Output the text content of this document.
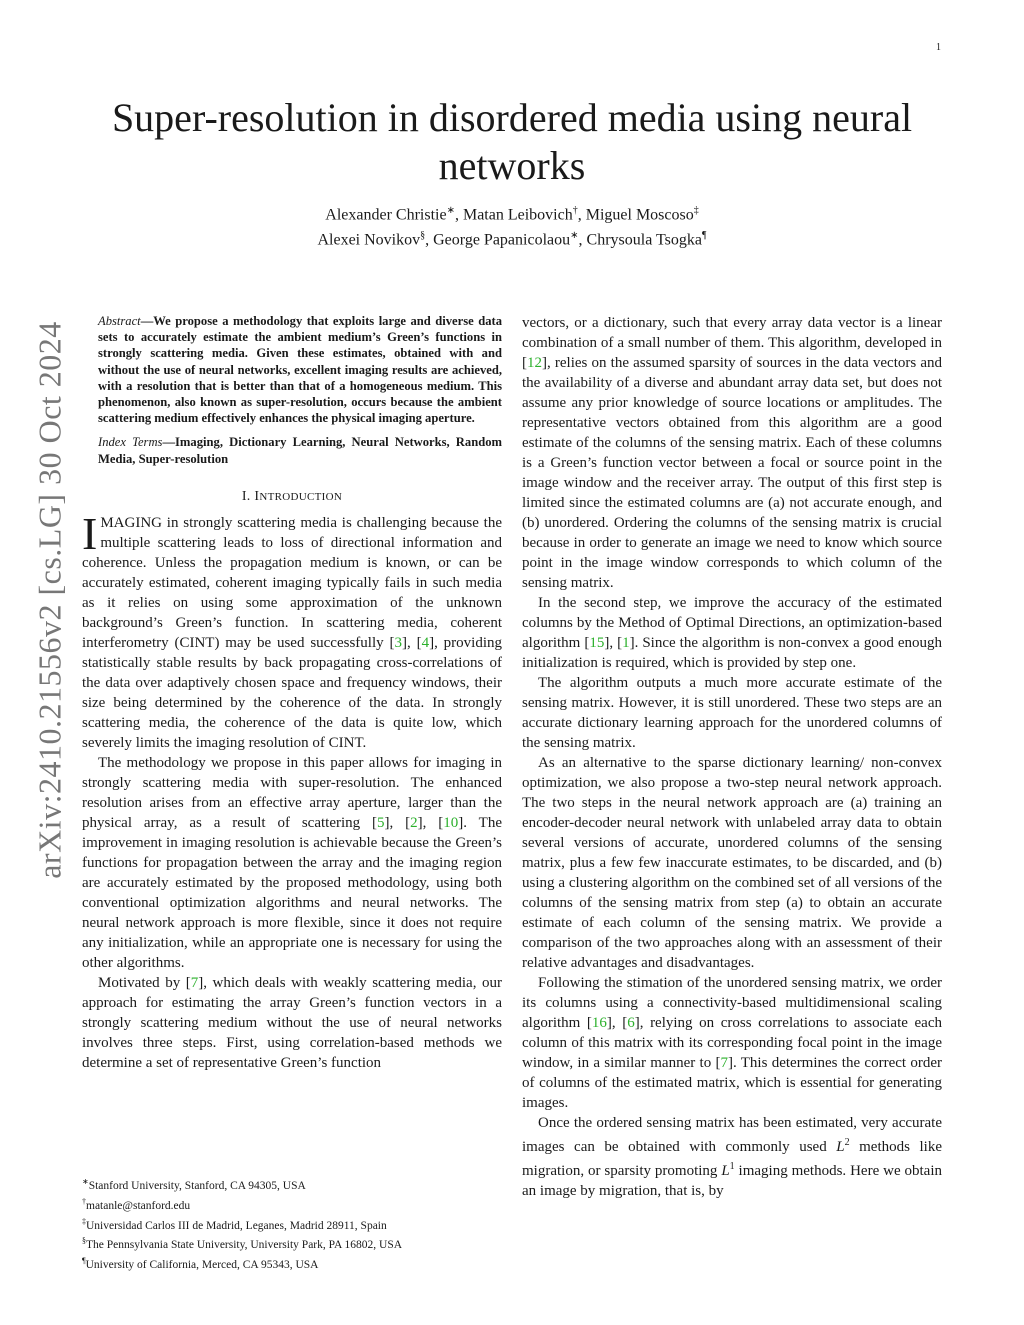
1
arXiv:2410.21556v2 [cs.LG] 30 Oct 2024
Super-resolution in disordered media using neural networks
Alexander Christie∗, Matan Leibovich†, Miguel Moscoso‡
Alexei Novikov§, George Papanicolaou∗, Chrysoula Tsogka¶

Abstract—We propose a methodology that exploits large and diverse data sets to accurately estimate the ambient medium’s Green’s functions in strongly scattering media. Given these estimates, obtained with and without the use of neural networks, excellent imaging results are achieved, with a resolution that is better than that of a homogeneous medium. This phenomenon, also known as super-resolution, occurs because the ambient scattering medium effectively enhances the physical imaging aperture.

Index Terms—Imaging, Dictionary Learning, Neural Networks, Random Media, Super-resolution

I. INTRODUCTION

IMAGING in strongly scattering media is challenging because the multiple scattering leads to loss of directional information and coherence. Unless the propagation medium is known, or can be accurately estimated, coherent imaging typically fails in such media as it relies on using some approximation of the unknown background’s Green’s function. In scattering media, coherent interferometry (CINT) may be used successfully [3], [4], providing statistically stable results by back propagating cross-correlations of the data over adaptively chosen space and frequency windows, their size being determined by the coherence of the data. In strongly scattering media, the coherence of the data is quite low, which severely limits the imaging resolution of CINT.

The methodology we propose in this paper allows for imaging in strongly scattering media with super-resolution. The enhanced resolution arises from an effective array aperture, larger than the physical array, as a result of scattering [5], [2], [10]. The improvement in imaging resolution is achievable because the Green’s functions for propagation between the array and the imaging region are accurately estimated by the proposed methodology, using both conventional optimization algorithms and neural networks. The neural network approach is more flexible, since it does not require any initialization, while an appropriate one is necessary for using the other algorithms.

Motivated by [7], which deals with weakly scattering media, our approach for estimating the array Green’s function vectors in a strongly scattering medium without the use of neural networks involves three steps. First, using correlation-based methods we determine a set of representative Green’s function

∗Stanford University, Stanford, CA 94305, USA
†matanle@stanford.edu
‡Universidad Carlos III de Madrid, Leganes, Madrid 28911, Spain
§The Pennsylvania State University, University Park, PA 16802, USA
¶University of California, Merced, CA 95343, USA

vectors, or a dictionary, such that every array data vector is a linear combination of a small number of them. This algorithm, developed in [12], relies on the assumed sparsity of sources in the data vectors and the availability of a diverse and abundant array data set, but does not assume any prior knowledge of source locations or amplitudes. The representative vectors obtained from this algorithm are a good estimate of the columns of the sensing matrix. Each of these columns is a Green’s function vector between a focal or source point in the image window and the receiver array. The output of this first step is limited since the estimated columns are (a) not accurate enough, and (b) unordered. Ordering the columns of the sensing matrix is crucial because in order to generate an image we need to know which source point in the image window corresponds to which column of the sensing matrix.

In the second step, we improve the accuracy of the estimated columns by the Method of Optimal Directions, an optimization-based algorithm [15], [1]. Since the algorithm is non-convex a good enough initialization is required, which is provided by step one.

The algorithm outputs a much more accurate estimate of the sensing matrix. However, it is still unordered. These two steps are an accurate dictionary learning approach for the unordered columns of the sensing matrix.

As an alternative to the sparse dictionary learning/ non-convex optimization, we also propose a two-step neural network approach. The two steps in the neural network approach are (a) training an encoder-decoder neural network with unlabeled array data to obtain several versions of accurate, unordered columns of the sensing matrix, plus a few few inaccurate estimates, to be discarded, and (b) using a clustering algorithm on the combined set of all versions of the columns of the sensing matrix from step (a) to obtain an accurate estimate of each column of the sensing matrix. We provide a comparison of the two approaches along with an assessment of their relative advantages and disadvantages.

Following the stimation of the unordered sensing matrix, we order its columns using a connectivity-based multidimensional scaling algorithm [16], [6], relying on cross correlations to associate each column of this matrix with its corresponding focal point in the image window, in a similar manner to [7]. This determines the correct order of columns of the estimated matrix, which is essential for generating images.

Once the ordered sensing matrix has been estimated, very accurate images can be obtained with commonly used $L^2$ methods like migration, or sparsity promoting $L^1$ imaging methods. Here we obtain an image by migration, that is, by
